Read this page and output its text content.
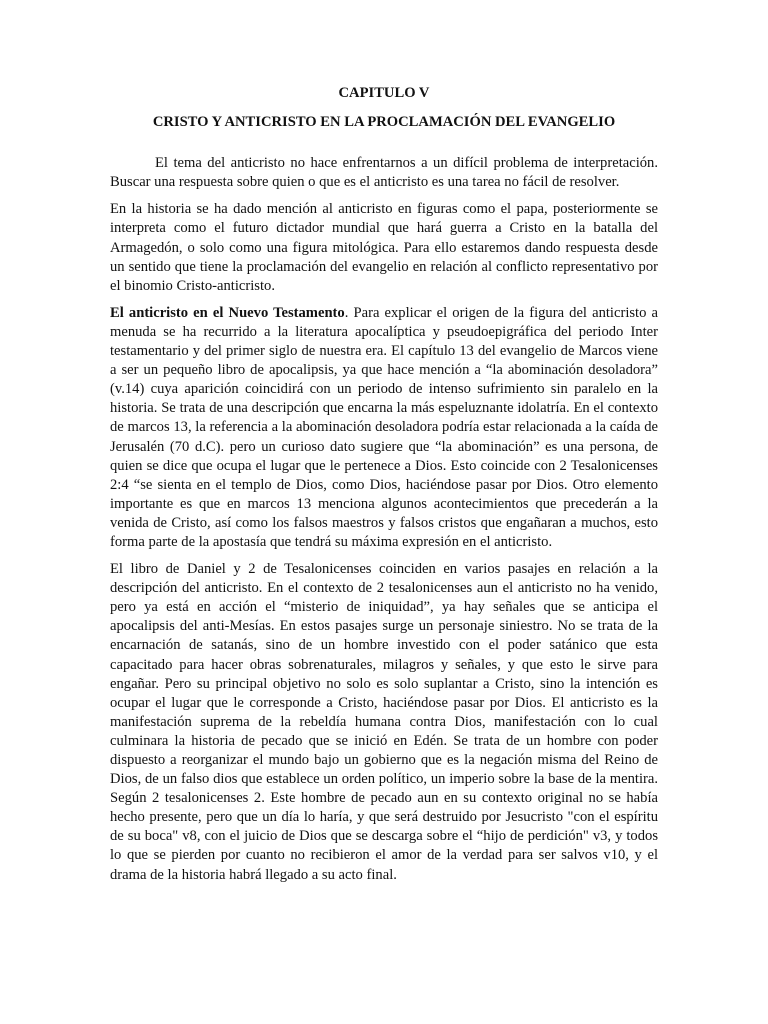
CAPITULO V
CRISTO Y ANTICRISTO EN LA PROCLAMACIÓN DEL EVANGELIO

El tema del anticristo no hace enfrentarnos a un difícil problema de interpretación. Buscar una respuesta sobre quien o que es el anticristo es una tarea no fácil de resolver.

En la historia se ha dado mención al anticristo en figuras como el papa, posteriormente se interpreta como el futuro dictador mundial que hará guerra a Cristo en la batalla del Armagedón, o solo como una figura mitológica. Para ello estaremos dando respuesta desde un sentido que tiene la proclamación del evangelio en relación al conflicto representativo por el binomio Cristo-anticristo.

El anticristo en el Nuevo Testamento. Para explicar el origen de la figura del anticristo a menuda se ha recurrido a la literatura apocalíptica y pseudoepigráfica del periodo Inter testamentario y del primer siglo de nuestra era. El capítulo 13 del evangelio de Marcos viene a ser un pequeño libro de apocalipsis, ya que hace mención a “la abominación desoladora” (v.14) cuya aparición coincidirá con un periodo de intenso sufrimiento sin paralelo en la historia. Se trata de una descripción que encarna la más espeluznante idolatría. En el contexto de marcos 13, la referencia a la abominación desoladora podría estar relacionada a la caída de Jerusalén (70 d.C). pero un curioso dato sugiere que “la abominación” es una persona, de quien se dice que ocupa el lugar que le pertenece a Dios. Esto coincide con 2 Tesalonicenses 2:4 “se sienta en el templo de Dios, como Dios, haciéndose pasar por Dios. Otro elemento importante es que en marcos 13 menciona algunos acontecimientos que precederán a la venida de Cristo, así como los falsos maestros y falsos cristos que engañaran a muchos, esto forma parte de la apostasía que tendrá su máxima expresión en el anticristo.

El libro de Daniel y 2 de Tesalonicenses coinciden en varios pasajes en relación a la descripción del anticristo. En el contexto de 2 tesalonicenses aun el anticristo no ha venido, pero ya está en acción el “misterio de iniquidad”, ya hay señales que se anticipa el apocalipsis del anti-Mesías. En estos pasajes surge un personaje siniestro. No se trata de la encarnación de satanás, sino de un hombre investido con el poder satánico que esta capacitado para hacer obras sobrenaturales, milagros y señales, y que esto le sirve para engañar. Pero su principal objetivo no solo es solo suplantar a Cristo, sino la intención es ocupar el lugar que le corresponde a Cristo, haciéndose pasar por Dios. El anticristo es la manifestación suprema de la rebeldía humana contra Dios, manifestación con lo cual culminara la historia de pecado que se inició en Edén. Se trata de un hombre con poder dispuesto a reorganizar el mundo bajo un gobierno que es la negación misma del Reino de Dios, de un falso dios que establece un orden político, un imperio sobre la base de la mentira. Según 2 tesalonicenses 2. Este hombre de pecado aun en su contexto original no se había hecho presente, pero que un día lo haría, y que será destruido por Jesucristo "con el espíritu de su boca" v8, con el juicio de Dios que se descarga sobre el “hijo de perdición" v3, y todos lo que se pierden por cuanto no recibieron el amor de la verdad para ser salvos v10, y el drama de la historia habrá llegado a su acto final.
